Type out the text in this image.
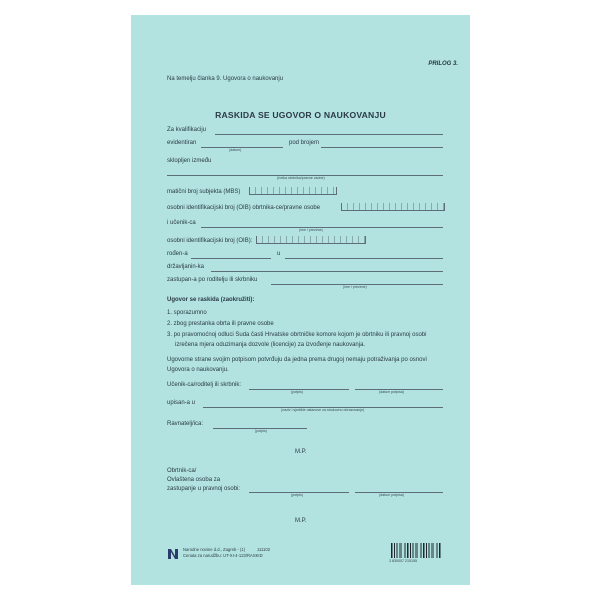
PRILOG 3.
Na temelju članka 9. Ugovora o naukovanju
RASKIDA SE UGOVOR O NAUKOVANJU
Za kvalifikaciju
evidentiran
(datum)
pod brojem
sklopljen između
(tvrtka obrtnika/pravne osobe)
matični broj subjekta (MBS)
osobni identifikacijski broj (OIB) obrtnika-ce/pravne osobe
i učenik-ca
(ime i prezime)
osobni identifikacijski broj (OIB):
rođen-a	u
državljanin-ka
zastupan-a po roditelju ili skrbniku
(ime i prezime)
Ugovor se raskida (zaokružiti):
1. sporazumno
2. zbog prestanka obrta ili pravne osobe
3. po pravomoćnoj odluci Suda časti Hrvatske obrtničke komore kojom je obrtniku ili pravnoj osobi
izrečena mjera oduzimanja dozvole (licencije) za izvođenje naukovanja.
Ugovorne strane svojim potpisom potvrđuju da jedna prema drugoj nemaju potraživanja po osnovi
Ugovora o naukovanju.
Učenik-ca/roditelj ili skrbnik:
(potpis)	(datum potpisa)
upisan-a u
(naziv i sjedište ustanove za strukovno obrazovanje)
Ravnatelj/ica:
(potpis)
M.P.
Obrtnik-ca/
Ovlaštena osoba za
zastupanje u pravnoj osobi:
(potpis)	(datum potpisa)
M.P.
Narodne novine d.d., Zagreb - (1)	111102
Cenata za narudžbu: UT-XI-4-123/RASKID
3 830007 215155
